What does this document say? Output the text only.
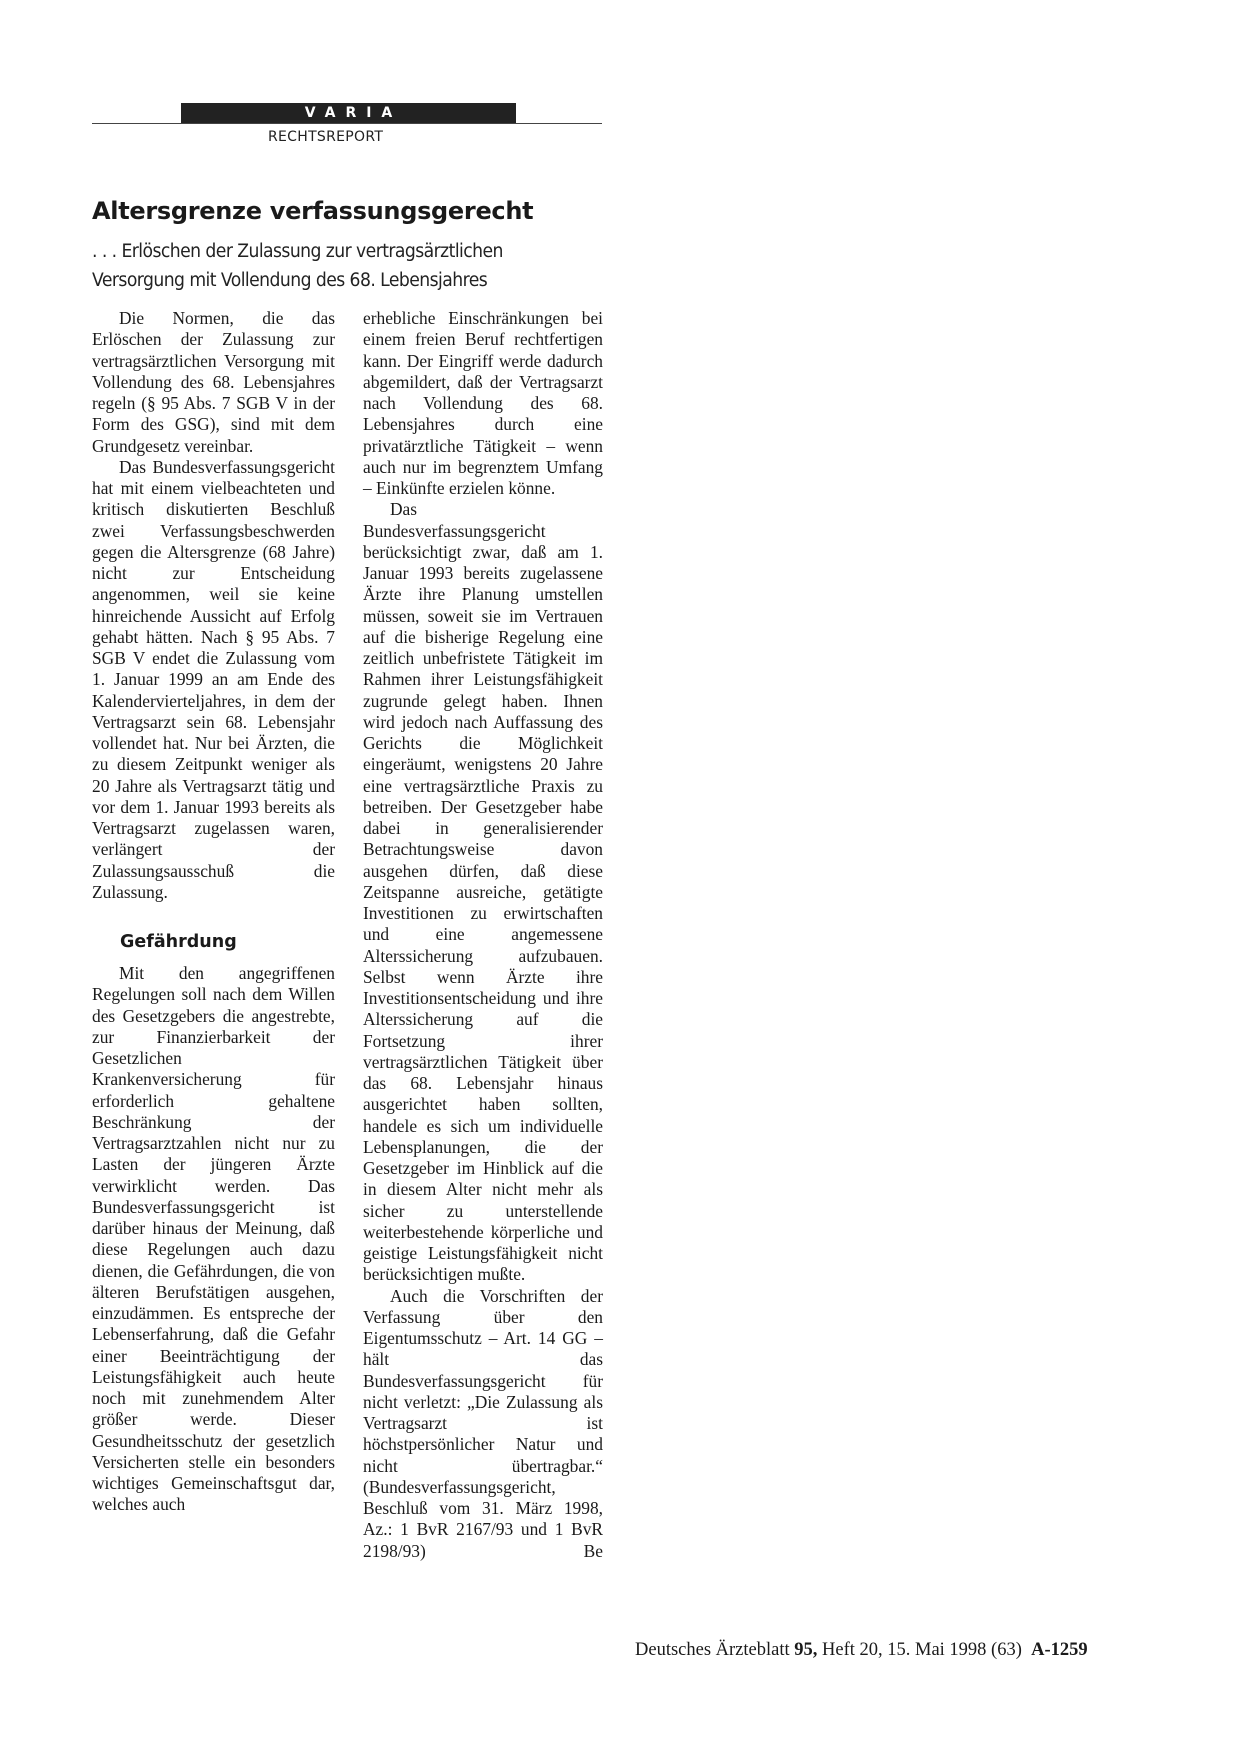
VARIA
RECHTSREPORT
Altersgrenze verfassungsgerecht
. . . Erlöschen der Zulassung zur vertragsärztlichen Versorgung mit Vollendung des 68. Lebensjahres

Die Normen, die das Erlöschen der Zulassung zur vertragsärztlichen Versorgung mit Vollendung des 68. Lebensjahres regeln (§ 95 Abs. 7 SGB V in der Form des GSG), sind mit dem Grundgesetz vereinbar.

Das Bundesverfassungsgericht hat mit einem vielbeachteten und kritisch diskutierten Beschluß zwei Verfassungsbeschwerden gegen die Altersgrenze (68 Jahre) nicht zur Entscheidung angenommen, weil sie keine hinreichende Aussicht auf Erfolg gehabt hätten. Nach § 95 Abs. 7 SGB V endet die Zulassung vom 1. Januar 1999 an am Ende des Kalendervierteljahres, in dem der Vertragsarzt sein 68. Lebensjahr vollendet hat. Nur bei Ärzten, die zu diesem Zeitpunkt weniger als 20 Jahre als Vertragsarzt tätig und vor dem 1. Januar 1993 bereits als Vertragsarzt zugelassen waren, verlängert der Zulassungsausschuß die Zulassung.

Gefährdung

Mit den angegriffenen Regelungen soll nach dem Willen des Gesetzgebers die angestrebte, zur Finanzierbarkeit der Gesetzlichen Krankenversicherung für erforderlich gehaltene Beschränkung der Vertragsarztzahlen nicht nur zu Lasten der jüngeren Ärzte verwirklicht werden. Das Bundesverfassungsgericht ist darüber hinaus der Meinung, daß diese Regelungen auch dazu dienen, die Gefährdungen, die von älteren Berufstätigen ausgehen, einzudämmen. Es entspreche der Lebenserfahrung, daß die Gefahr einer Beeinträchtigung der Leistungsfähigkeit auch heute noch mit zunehmendem Alter größer werde. Dieser Gesundheitsschutz der gesetzlich Versicherten stelle ein besonders wichtiges Gemeinschaftsgut dar, welches auch

erhebliche Einschränkungen bei einem freien Beruf rechtfertigen kann. Der Eingriff werde dadurch abgemildert, daß der Vertragsarzt nach Vollendung des 68. Lebensjahres durch eine privatärztliche Tätigkeit – wenn auch nur im begrenztem Umfang – Einkünfte erzielen könne.

Das Bundesverfassungsgericht berücksichtigt zwar, daß am 1. Januar 1993 bereits zugelassene Ärzte ihre Planung umstellen müssen, soweit sie im Vertrauen auf die bisherige Regelung eine zeitlich unbefristete Tätigkeit im Rahmen ihrer Leistungsfähigkeit zugrunde gelegt haben. Ihnen wird jedoch nach Auffassung des Gerichts die Möglichkeit eingeräumt, wenigstens 20 Jahre eine vertragsärztliche Praxis zu betreiben. Der Gesetzgeber habe dabei in generalisierender Betrachtungsweise davon ausgehen dürfen, daß diese Zeitspanne ausreiche, getätigte Investitionen zu erwirtschaften und eine angemessene Alterssicherung aufzubauen. Selbst wenn Ärzte ihre Investitionsentscheidung und ihre Alterssicherung auf die Fortsetzung ihrer vertragsärztlichen Tätigkeit über das 68. Lebensjahr hinaus ausgerichtet haben sollten, handele es sich um individuelle Lebensplanungen, die der Gesetzgeber im Hinblick auf die in diesem Alter nicht mehr als sicher zu unterstellende weiterbestehende körperliche und geistige Leistungsfähigkeit nicht berücksichtigen mußte.

Auch die Vorschriften der Verfassung über den Eigentumsschutz – Art. 14 GG – hält das Bundesverfassungsgericht für nicht verletzt: „Die Zulassung als Vertragsarzt ist höchstpersönlicher Natur und nicht übertragbar.“ (Bundesverfassungsgericht, Beschluß vom 31. März 1998, Az.: 1 BvR 2167/93 und 1 BvR 2198/93)	Be

Deutsches Ärzteblatt 95, Heft 20, 15. Mai 1998 (63) A-1259
